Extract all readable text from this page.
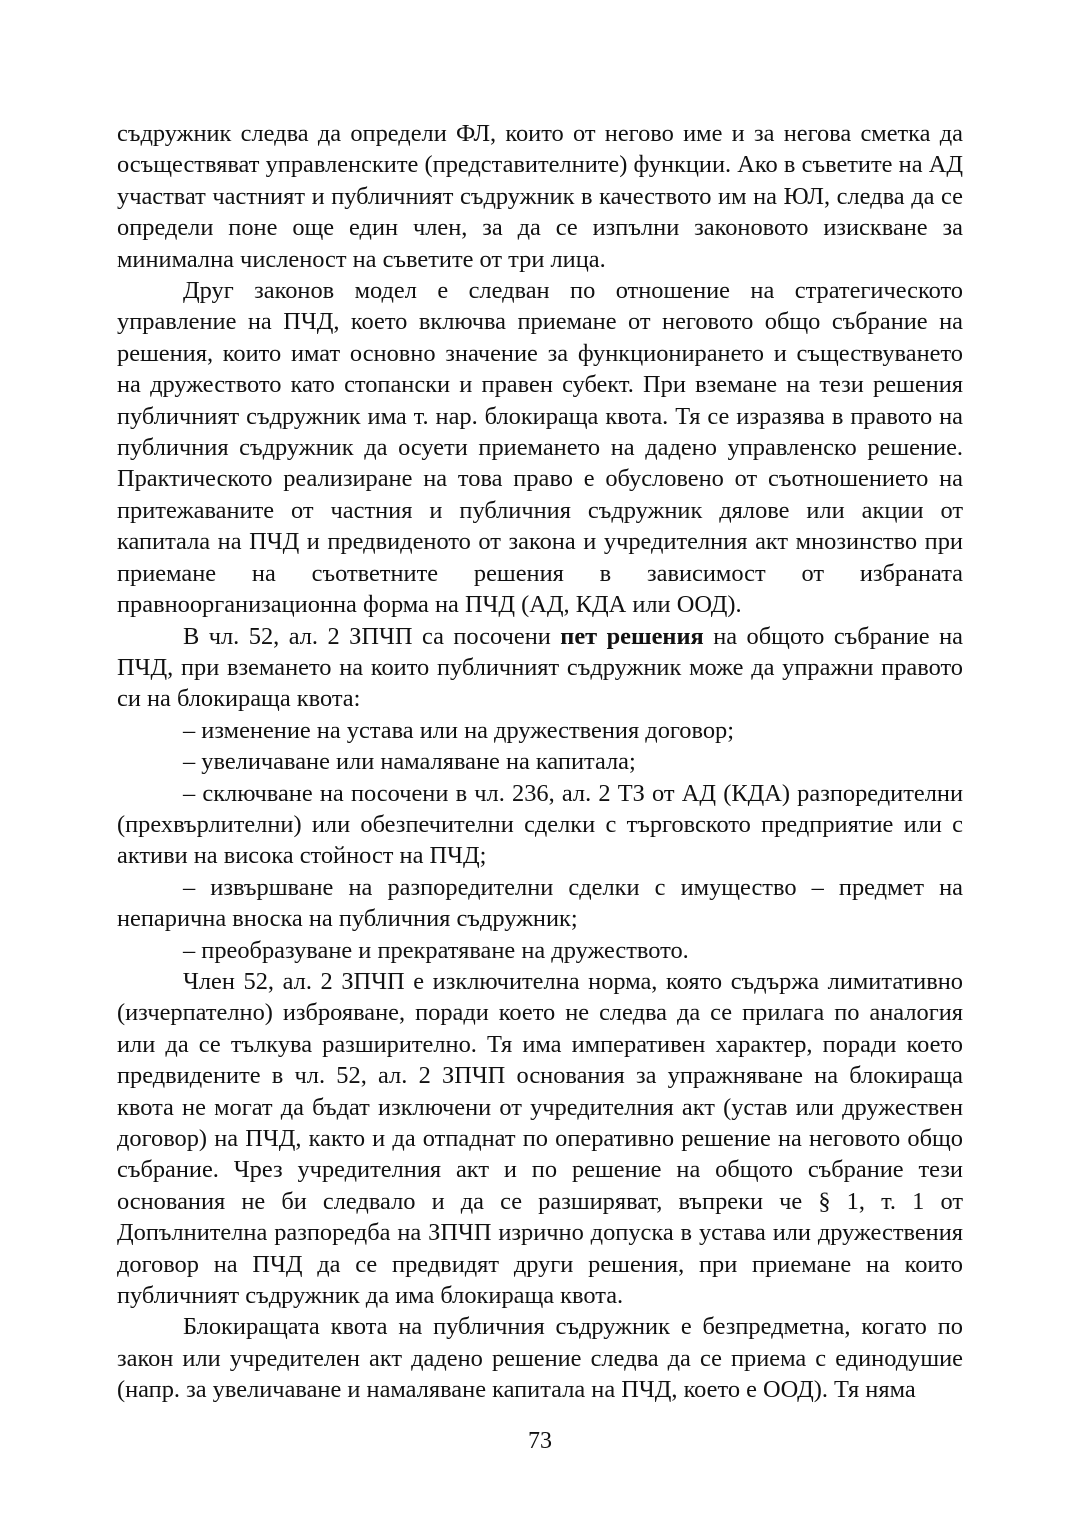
съдружник следва да определи ФЛ, които от негово име и за негова сметка да осъществяват управленските (представителните) функции. Ако в съветите на АД участват частният и публичният съдружник в качеството им на ЮЛ, следва да се определи поне още един член, за да се изпълни законовото изискване за минимална численост на съветите от три лица.

Друг законов модел е следван по отношение на стратегическото управление на ПЧД, което включва приемане от неговото общо събрание на решения, които имат основно значение за функционирането и съществуването на дружеството като стопански и правен субект. При вземане на тези решения публичният съдружник има т. нар. блокираща квота. Тя се изразява в правото на публичния съдружник да осуети приемането на дадено управленско решение. Практическото реализиране на това право е обусловено от съотношението на притежаваните от частния и публичния съдружник дялове или акции от капитала на ПЧД и предвиденото от закона и учредителния акт мнозинство при приемане на съответните решения в зависимост от избраната правноорганизационна форма на ПЧД (АД, КДА или ООД).

В чл. 52, ал. 2 ЗПЧП са посочени пет решения на общото събрание на ПЧД, при вземането на които публичният съдружник може да упражни правото си на блокираща квота:

– изменение на устава или на дружествения договор;

– увеличаване или намаляване на капитала;

– сключване на посочени в чл. 236, ал. 2 ТЗ от АД (КДА) разпоредителни (прехвърлителни) или обезпечителни сделки с търговското предприятие или с активи на висока стойност на ПЧД;

– извършване на разпоредителни сделки с имущество – предмет на непарична вноска на публичния съдружник;

– преобразуване и прекратяване на дружеството.

Член 52, ал. 2 ЗПЧП е изключителна норма, която съдържа лимитативно (изчерпателно) изброяване, поради което не следва да се прилага по аналогия или да се тълкува разширително. Тя има императивен характер, поради което предвидените в чл. 52, ал. 2 ЗПЧП основания за упражняване на блокираща квота не могат да бъдат изключени от учредителния акт (устав или дружествен договор) на ПЧД, както и да отпаднат по оперативно решение на неговото общо събрание. Чрез учредителния акт и по решение на общото събрание тези основания не би следвало и да се разширяват, въпреки че § 1, т. 1 от Допълнителна разпоредба на ЗПЧП изрично допуска в устава или дружествения договор на ПЧД да се предвидят други решения, при приемане на които публичният съдружник да има блокираща квота.

Блокиращата квота на публичния съдружник е безпредметна, когато по закон или учредителен акт дадено решение следва да се приема с единодушие (напр. за увеличаване и намаляване капитала на ПЧД, което е ООД). Тя няма

73
